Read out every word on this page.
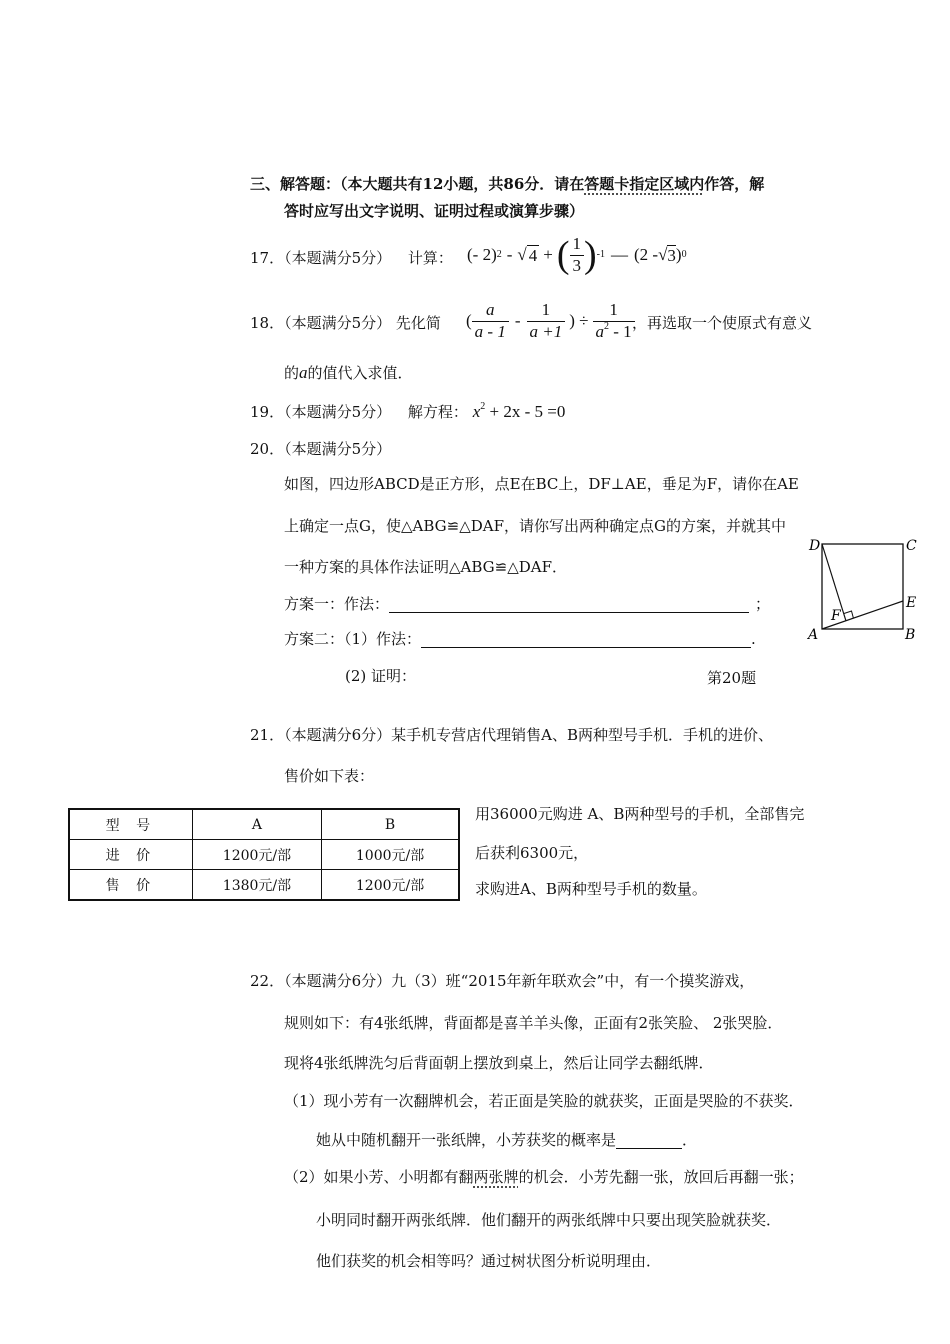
三、解答题：（本大题共有12小题，共86分．请在答题卡指定区域内作答，解
答时应写出文字说明、证明过程或演算步骤）
17．（本题满分5分） 计算： (- 2) 2 - √ 4 + ( $\frac{1}{3}$ ) -1 — (2 - √ 3 ) 0
18．（本题满分5分） 先化简 ( $\frac{a}{a - 1} - \frac{1}{a +1}$ ) ÷ $\frac{1}{a^2 - 1}$
，再选取一个使原式有意义
的a的值代入求值．
19．（本题满分5分） 解方程： $x^2 + 2x - 5 =0$
20．（本题满分5分）
如图，四边形ABCD是正方形，点E在BC上，DF⊥AE，垂足为F，请你在AE
上确定一点G，使△ABG≌△DAF，请你写出两种确定点G的方案，并就其中
一种方案的具体作法证明△ABG≌△DAF．
方案一：作法：	；
方案二：（1）作法：	.
(2) 证明：	第20题
D	C
E
F
A	B
21．（本题满分6分）某手机专营店代理销售A、B两种型号手机．手机的进价、
售价如下表：
型 号	A	B
进 价	1200元/部	1000元/部
售 价	1380元/部	1200元/部
用36000元购进 A、B两种型号的手机，全部售完
后获利6300元，
求购进A、B两种型号手机的数量。
22．（本题满分6分）九（3）班“2015年新年联欢会”中，有一个摸奖游戏，
规则如下：有4张纸牌，背面都是喜羊羊头像，正面有2张笑脸、 2张哭脸．
现将4张纸牌洗匀后背面朝上摆放到桌上，然后让同学去翻纸牌．
（1）现小芳有一次翻牌机会，若正面是笑脸的就获奖，正面是哭脸的不获奖．
她从中随机翻开一张纸牌，小芳获奖的概率是	．
（2）如果小芳、小明都有翻两张牌的机会．小芳先翻一张，放回后再翻一张；
小明同时翻开两张纸牌．他们翻开的两张纸牌中只要出现笑脸就获奖．
他们获奖的机会相等吗？通过树状图分析说明理由．
